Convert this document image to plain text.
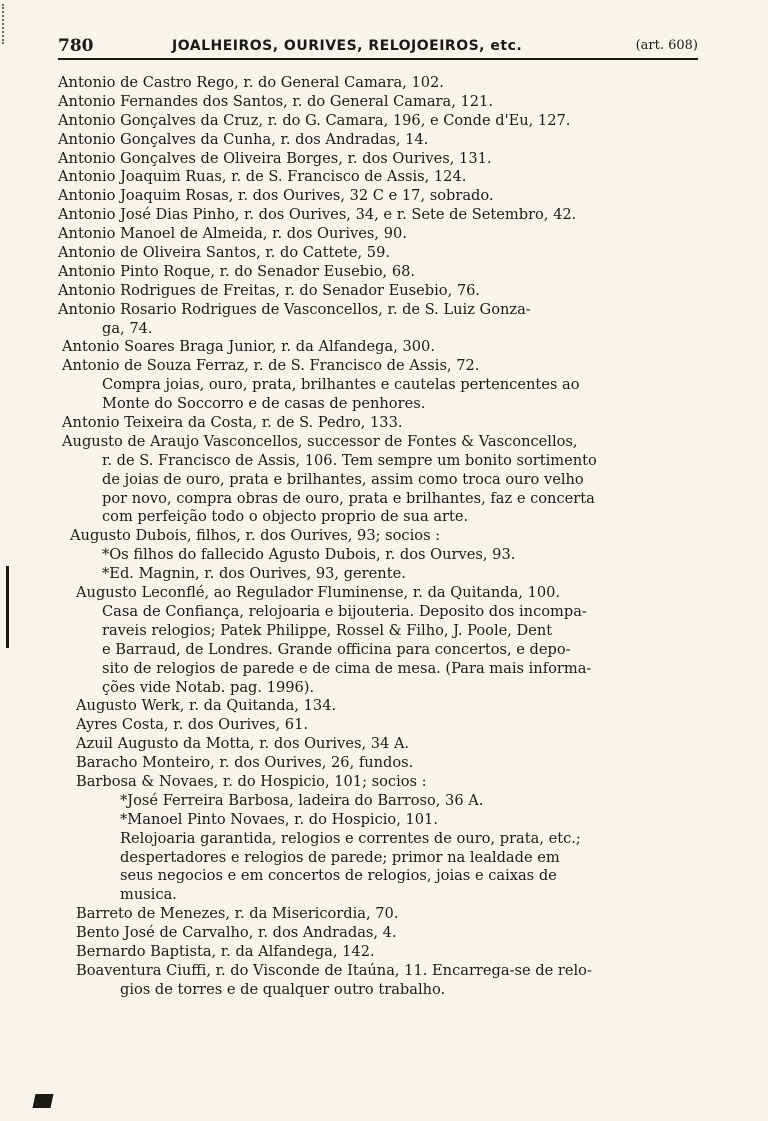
780	JOALHEIROS, OURIVES, RELOJOEIROS, etc.	(art. 608)
Antonio de Castro Rego, r. do General Camara, 102.
Antonio Fernandes dos Santos, r. do General Camara, 121.
Antonio Gonçalves da Cruz, r. do G. Camara, 196, e Conde d'Eu, 127.
Antonio Gonçalves da Cunha, r. dos Andradas, 14.
Antonio Gonçalves de Oliveira Borges, r. dos Ourives, 131.
Antonio Joaquim Ruas, r. de S. Francisco de Assis, 124.
Antonio Joaquim Rosas, r. dos Ourives, 32 C e 17, sobrado.
Antonio José Dias Pinho, r. dos Ourives, 34, e r. Sete de Setembro, 42.
Antonio Manoel de Almeida, r. dos Ourives, 90.
Antonio de Oliveira Santos, r. do Cattete, 59.
Antonio Pinto Roque, r. do Senador Eusebio, 68.
Antonio Rodrigues de Freitas, r. do Senador Eusebio, 76.
Antonio Rosario Rodrigues de Vasconcellos, r. de S. Luiz Gonza-
ga, 74.
Antonio Soares Braga Junior, r. da Alfandega, 300.
Antonio de Souza Ferraz, r. de S. Francisco de Assis, 72.
Compra joias, ouro, prata, brilhantes e cautelas pertencentes ao
Monte do Soccorro e de casas de penhores.
Antonio Teixeira da Costa, r. de S. Pedro, 133.
Augusto de Araujo Vasconcellos, successor de Fontes & Vasconcellos,
r. de S. Francisco de Assis, 106. Tem sempre um bonito sortimento
de joias de ouro, prata e brilhantes, assim como troca ouro velho
por novo, compra obras de ouro, prata e brilhantes, faz e concerta
com perfeição todo o objecto proprio de sua arte.
Augusto Dubois, filhos, r. dos Ourives, 93; socios :
*Os filhos do fallecido Agusto Dubois, r. dos Ourves, 93.
*Ed. Magnin, r. dos Ourives, 93, gerente.
Augusto Leconflé, ao Regulador Fluminense, r. da Quitanda, 100.
Casa de Confiança, relojoaria e bijouteria. Deposito dos incompa-
raveis relogios; Patek Philippe, Rossel & Filho, J. Poole, Dent
e Barraud, de Londres. Grande officina para concertos, e depo-
sito de relogios de parede e de cima de mesa. (Para mais informa-
ções vide Notab. pag. 1996).
Augusto Werk, r. da Quitanda, 134.
Ayres Costa, r. dos Ourives, 61.
Azuil Augusto da Motta, r. dos Ourives, 34 A.
Baracho Monteiro, r. dos Ourives, 26, fundos.
Barbosa & Novaes, r. do Hospicio, 101; socios :
*José Ferreira Barbosa, ladeira do Barroso, 36 A.
*Manoel Pinto Novaes, r. do Hospicio, 101.
Relojoaria garantida, relogios e correntes de ouro, prata, etc.;
despertadores e relogios de parede; primor na lealdade em
seus negocios e em concertos de relogios, joias e caixas de
musica.
Barreto de Menezes, r. da Misericordia, 70.
Bento José de Carvalho, r. dos Andradas, 4.
Bernardo Baptista, r. da Alfandega, 142.
Boaventura Ciuffi, r. do Visconde de Itaúna, 11. Encarrega-se de relo-
gios de torres e de qualquer outro trabalho.
